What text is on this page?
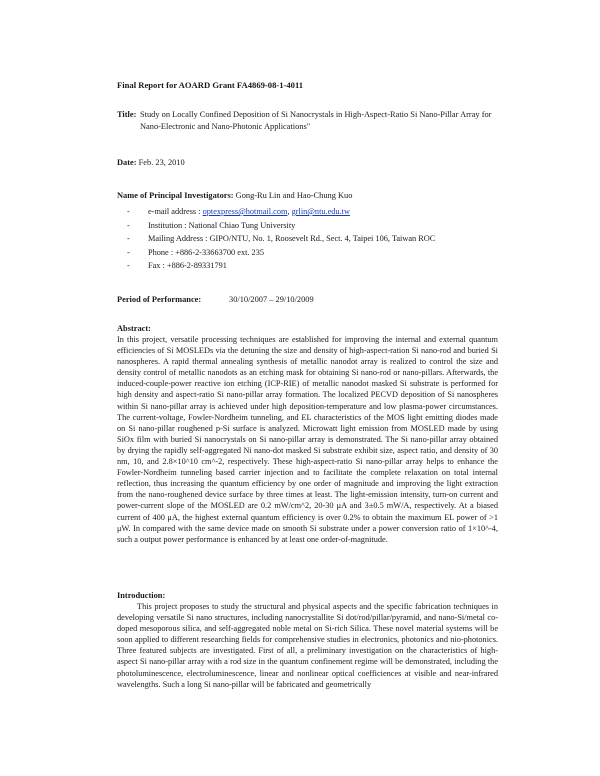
Final Report for AOARD Grant FA4869-08-1-4011
Title: Study on Locally Confined Deposition of Si Nanocrystals in High-Aspect-Ratio Si Nano-Pillar Array for Nano-Electronic and Nano-Photonic Applications"
Date: Feb. 23, 2010
Name of Principal Investigators: Gong-Ru Lin and Hao-Chung Kuo
- e-mail address : optexpress@hotmail.com, grlin@ntu.edu.tw
- Institution : National Chiao Tung University
- Mailing Address : GIPO/NTU, No. 1, Roosevelt Rd., Sect. 4, Taipei 106, Taiwan ROC
- Phone : +886-2-33663700 ext. 235
- Fax : +886-2-89331791
Period of Performance:	30/10/2007 – 29/10/2009
Abstract:
In this project, versatile processing techniques are established for improving the internal and external quantum efficiencies of Si MOSLEDs via the detuning the size and density of high-aspect-ration Si nano-rod and buried Si nanospheres. A rapid thermal annealing synthesis of metallic nanodot array is realized to control the size and density control of metallic nanodots as an etching mask for obtaining Si nano-rod or nano-pillars. Afterwards, the induced-couple-power reactive ion etching (ICP-RIE) of metallic nanodot masked Si substrate is performed for high density and aspect-ratio Si nano-pillar array formation. The localized PECVD deposition of Si nanospheres within Si nano-pillar array is achieved under high deposition-temperature and low plasma-power circumstances. The current-voltage, Fowler-Nordheim tunneling, and EL characteristics of the MOS light emitting diodes made on Si nano-pillar roughened p-Si surface is analyzed. Microwatt light emission from MOSLED made by using SiOx film with buried Si nanocrystals on Si nano-pillar array is demonstrated. The Si nano-pillar array obtained by drying the rapidly self-aggregated Ni nano-dot masked Si substrate exhibit size, aspect ratio, and density of 30 nm, 10, and 2.8×10^10 cm^-2, respectively. These high-aspect-ratio Si nano-pillar array helps to enhance the Fowler-Nordheim tunneling based carrier injection and to facilitate the complete relaxation on total internal reflection, thus increasing the quantum efficiency by one order of magnitude and improving the light extraction from the nano-roughened device surface by three times at least. The light-emission intensity, turn-on current and power-current slope of the MOSLED are 0.2 mW/cm^2, 20-30 μA and 3±0.5 mW/A, respectively. At a biased current of 400 μA, the highest external quantum efficiency is over 0.2% to obtain the maximum EL power of >1 μW. In compared with the same device made on smooth Si substrate under a power conversion ratio of 1×10^-4, such a output power performance is enhanced by at least one order-of-magnitude.
Introduction:
This project proposes to study the structural and physical aspects and the specific fabrication techniques in developing versatile Si nano structures, including nanocrystallite Si dot/rod/pillar/pyramid, and nano-Si/metal co-doped mesoporous silica, and self-aggregated noble metal on Si-rich Silica. These novel material systems will be soon applied to different researching fields for comprehensive studies in electronics, photonics and nio-photonics. Three featured subjects are investigated. First of all, a preliminary investigation on the characteristics of high-aspect Si nano-pillar array with a rod size in the quantum confinement regime will be demonstrated, including the photoluminescence, electroluminescence, linear and nonlinear optical coefficiences at visible and near-infrared wavelengths. Such a long Si nano-pillar will be fabricated and geometrically
